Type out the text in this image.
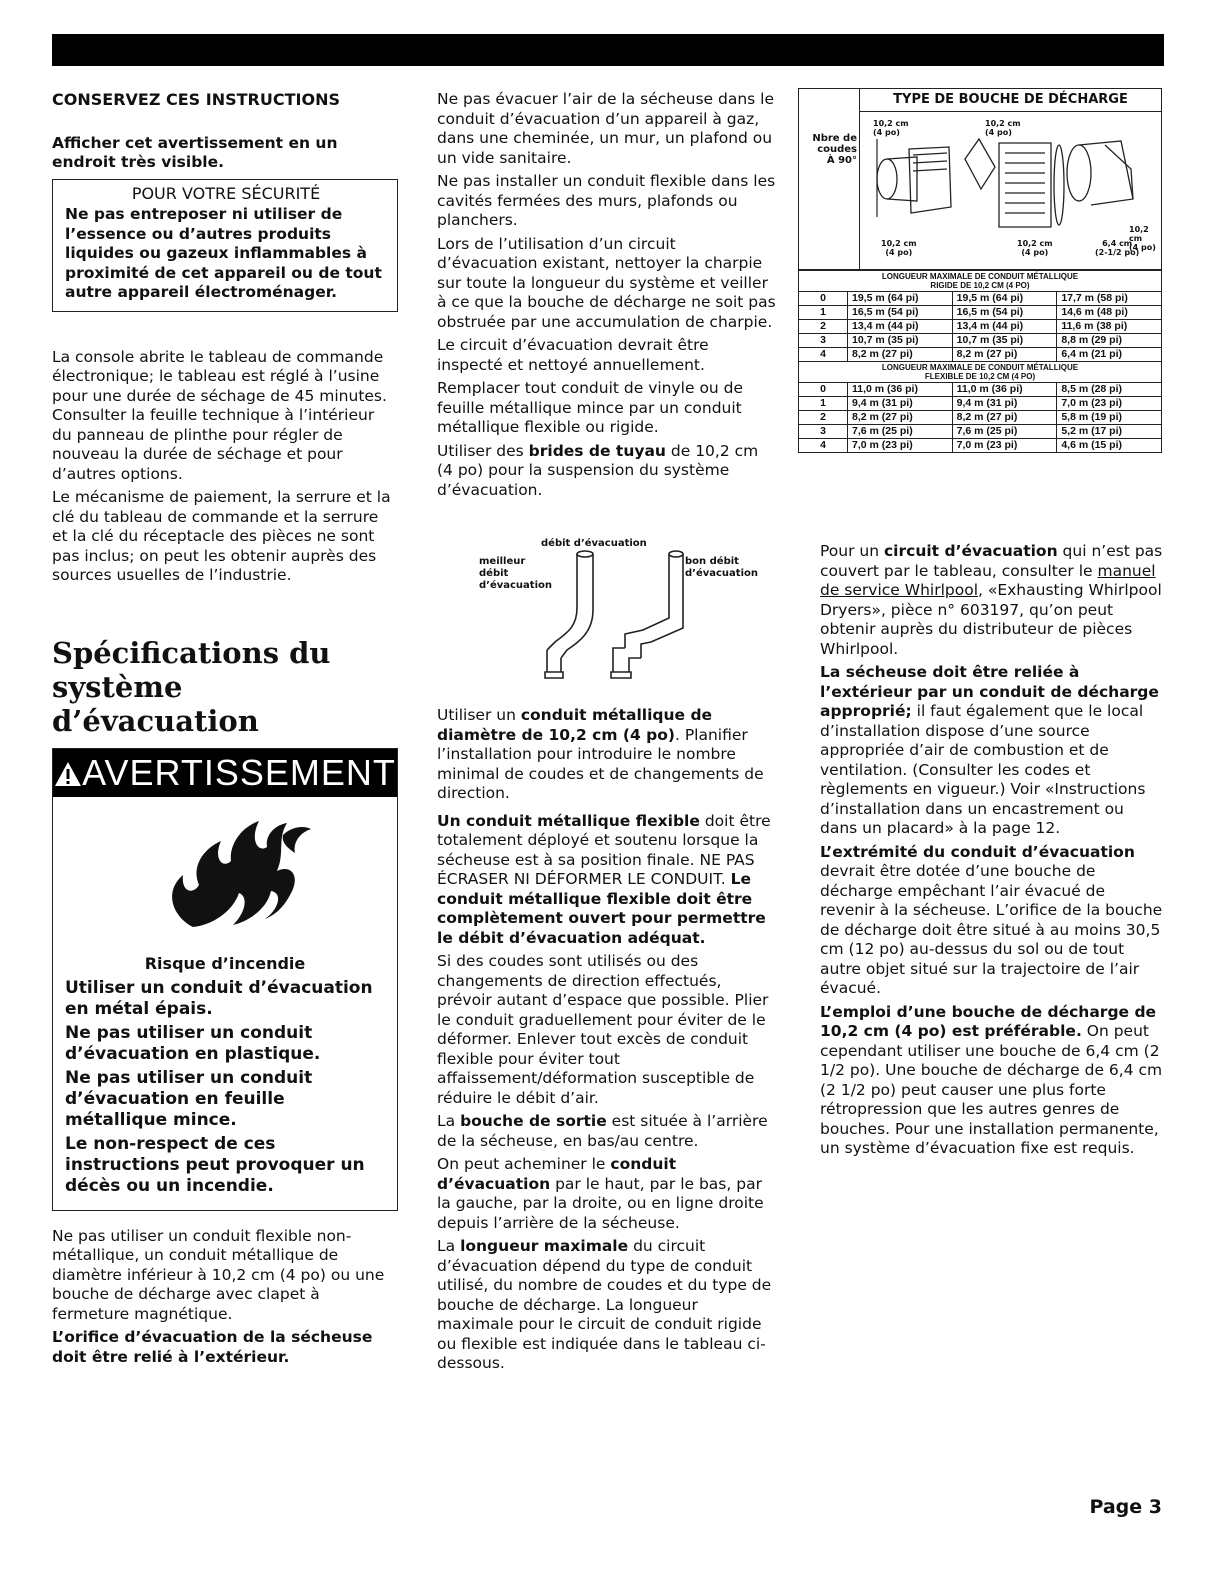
CONSERVEZ CES INSTRUCTIONS

Afficher cet avertissement en un endroit très visible.

POUR VOTRE SÉCURITÉ
Ne pas entreposer ni utiliser de l’essence ou d’autres produits liquides ou gazeux inflammables à proximité de cet appareil ou de tout autre appareil électroménager.

La console abrite le tableau de commande électronique; le tableau est réglé à l’usine pour une durée de séchage de 45 minutes. Consulter la feuille technique à l’intérieur du panneau de plinthe pour régler de nouveau la durée de séchage et pour d’autres options.

Le mécanisme de paiement, la serrure et la clé du tableau de commande et la serrure et la clé du réceptacle des pièces ne sont pas inclus; on peut les obtenir auprès des sources usuelles de l’industrie.

Spécifications du
système d’évacuation
AVERTISSEMENT
Risque d’incendie

Utiliser un conduit d’évacuation en métal épais.

Ne pas utiliser un conduit d’évacuation en plastique.

Ne pas utiliser un conduit d’évacuation en feuille métallique mince.

Le non-respect de ces instructions peut provoquer un décès ou un incendie.

Ne pas utiliser un conduit flexible non-métallique, un conduit métallique de diamètre inférieur à 10,2 cm (4 po) ou une bouche de décharge avec clapet à fermeture magnétique.

L’orifice d’évacuation de la sécheuse doit être relié à l’extérieur.

Ne pas évacuer l’air de la sécheuse dans le conduit d’évacuation d’un appareil à gaz, dans une cheminée, un mur, un plafond ou un vide sanitaire.

Ne pas installer un conduit flexible dans les cavités fermées des murs, plafonds ou planchers.

Lors de l’utilisation d’un circuit d’évacuation existant, nettoyer la charpie sur toute la longueur du système et veiller à ce que la bouche de décharge ne soit pas obstruée par une accumulation de charpie.

Le circuit d’évacuation devrait être inspecté et nettoyé annuellement.

Remplacer tout conduit de vinyle ou de feuille métallique mince par un conduit métallique flexible ou rigide.

Utiliser des brides de tuyau de 10,2 cm (4 po) pour la suspension du système d’évacuation.

débit d’évacuation
meilleur
débit
d’évacuation
bon débit
d’évacuation

Utiliser un conduit métallique de diamètre de 10,2 cm (4 po). Planifier l’installation pour introduire le nombre minimal de coudes et de changements de direction.

Un conduit métallique flexible doit être totalement déployé et soutenu lorsque la sécheuse est à sa position finale. NE PAS ÉCRASER NI DÉFORMER LE CONDUIT. Le conduit métallique flexible doit être complètement ouvert pour permettre le débit d’évacuation adéquat.

Si des coudes sont utilisés ou des changements de direction effectués, prévoir autant d’espace que possible. Plier le conduit graduellement pour éviter de le déformer. Enlever tout excès de conduit flexible pour éviter tout affaissement/déformation susceptible de réduire le débit d’air.

La bouche de sortie est située à l’arrière de la sécheuse, en bas/au centre.

On peut acheminer le conduit d’évacuation par le haut, par le bas, par la gauche, par la droite, ou en ligne droite depuis l’arrière de la sécheuse.

La longueur maximale du circuit d’évacuation dépend du type de conduit utilisé, du nombre de coudes et du type de bouche de décharge. La longueur maximale pour le circuit de conduit rigide ou flexible est indiquée dans le tableau ci-dessous.

TYPE DE BOUCHE DE DÉCHARGE
Nbre de
coudes
À 90°
10,2 cm
(4 po)
10,2 cm
(4 po)
10,2 cm
(4 po)
10,2 cm
(4 po)
10,2 cm
(4 po)
6,4 cm
(2-1/2 po)
LONGUEUR MAXIMALE DE CONDUIT MÉTALLIQUE
RIGIDE DE 10,2 CM (4 PO)			

0	19,5 m (64 pi)	19,5 m (64 pi)	17,7 m (58 pi)
1	16,5 m (54 pi)	16,5 m (54 pi)	14,6 m (48 pi)
2	13,4 m (44 pi)	13,4 m (44 pi)	11,6 m (38 pi)
3	10,7 m (35 pi)	10,7 m (35 pi)	8,8 m (29 pi)
4	8,2 m (27 pi)	8,2 m (27 pi)	6,4 m (21 pi)

LONGUEUR MAXIMALE DE CONDUIT MÉTALLIQUE
FLEXIBLE DE 10,2 CM (4 PO)			

0	11,0 m (36 pi)	11,0 m (36 pi)	8,5 m (28 pi)
1	9,4 m (31 pi)	9,4 m (31 pi)	7,0 m (23 pi)
2	8,2 m (27 pi)	8,2 m (27 pi)	5,8 m (19 pi)
3	7,6 m (25 pi)	7,6 m (25 pi)	5,2 m (17 pi)
4	7,0 m (23 pi)	7,0 m (23 pi)	4,6 m (15 pi)

Pour un circuit d’évacuation qui n’est pas couvert par le tableau, consulter le manuel de service Whirlpool, «Exhausting Whirlpool Dryers», pièce n° 603197, qu’on peut obtenir auprès du distributeur de pièces Whirlpool.

La sécheuse doit être reliée à l’extérieur par un conduit de décharge approprié; il faut également que le local d’installation dispose d’une source appropriée d’air de combustion et de ventilation. (Consulter les codes et règlements en vigueur.) Voir «Instructions d’installation dans un encastrement ou dans un placard» à la page 12.

L’extrémité du conduit d’évacuation devrait être dotée d’une bouche de décharge empêchant l’air évacué de revenir à la sécheuse. L’orifice de la bouche de décharge doit être situé à au moins 30,5 cm (12 po) au-dessus du sol ou de tout autre objet situé sur la trajectoire de l’air évacué.

L’emploi d’une bouche de décharge de 10,2 cm (4 po) est préférable. On peut cependant utiliser une bouche de 6,4 cm (2 1/2 po). Une bouche de décharge de 6,4 cm (2 1/2 po) peut causer une plus forte rétropression que les autres genres de bouches. Pour une installation permanente, un système d’évacuation fixe est requis.

Page 3
